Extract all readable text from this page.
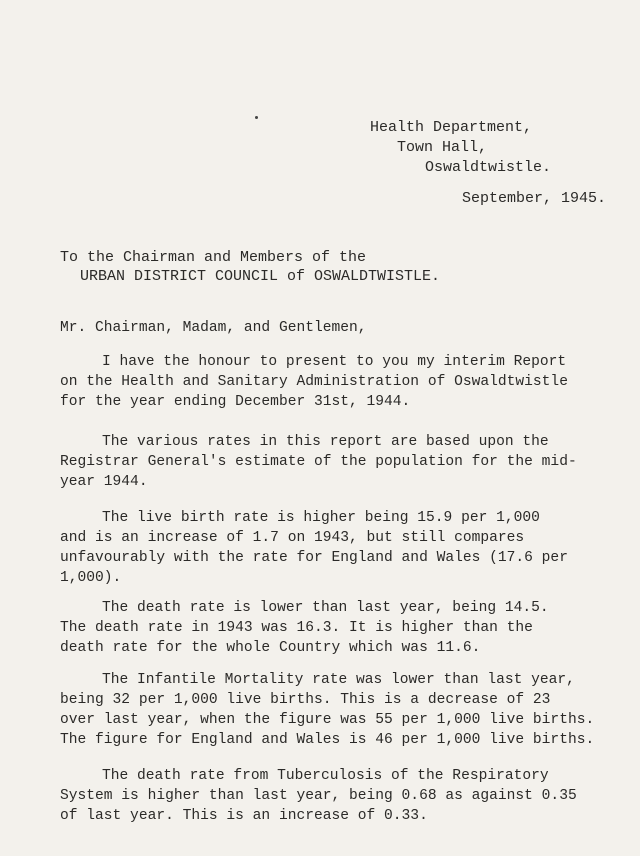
Health Department,
Town Hall,
Oswaldtwistle.
September, 1945.
To the Chairman and Members of the
URBAN DISTRICT COUNCIL of OSWALDTWISTLE.
Mr. Chairman, Madam, and Gentlemen,
I have the honour to present to you my interim Report
on the Health and Sanitary Administration of Oswaldtwistle
for the year ending December 31st, 1944.
The various rates in this report are based upon the
Registrar General's estimate of the population for the mid-
year 1944.
The live birth rate is higher being 15.9 per 1,000
and is an increase of 1.7 on 1943, but still compares
unfavourably with the rate for England and Wales (17.6 per
1,000).
The death rate is lower than last year, being 14.5.
The death rate in 1943 was 16.3. It is higher than the
death rate for the whole Country which was 11.6.
The Infantile Mortality rate was lower than last year,
being 32 per 1,000 live births. This is a decrease of 23
over last year, when the figure was 55 per 1,000 live births.
The figure for England and Wales is 46 per 1,000 live births.
The death rate from Tuberculosis of the Respiratory
System is higher than last year, being 0.68 as against 0.35
of last year. This is an increase of 0.33.
